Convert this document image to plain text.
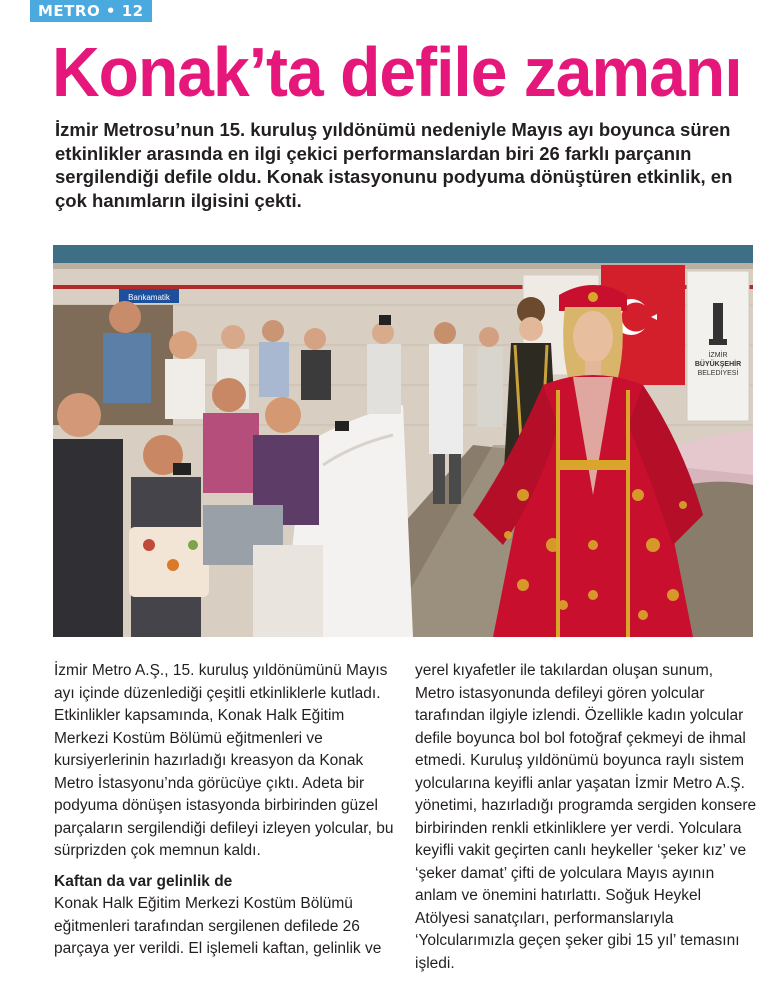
METRO • 12
Konak’ta defile zamanı

İzmir Metrosu’nun 15. kuruluş yıldönümü nedeniyle Mayıs ayı boyunca süren etkinlikler arasında en ilgi çekici performanslardan biri 26 farklı parçanın sergilendiği defile oldu. Konak istasyonunu podyuma dönüştüren etkinlik, en çok hanımların ilgisini çekti.

Bankamatik
İZMİR
BÜYÜKŞEHİR
BELEDİYESİ

İzmir Metro A.Ş., 15. kuruluş yıldönümünü Mayıs ayı içinde düzenlediği çeşitli etkinliklerle kutladı. Etkinlikler kapsamında, Konak Halk Eğitim Merkezi Kostüm Bölümü eğitmenleri ve kursiyerlerinin hazırladığı kreasyon da Konak Metro İstasyonu’nda görücüye çıktı. Adeta bir podyuma dönüşen istasyonda birbirinden güzel parçaların sergilendiği defileyi izleyen yolcular, bu sürprizden çok memnun kaldı.

Kaftan da var gelinlik de

Konak Halk Eğitim Merkezi Kostüm Bölümü eğitmenleri tarafından sergilenen defilede 26 parçaya yer verildi. El işlemeli kaftan, gelinlik ve

yerel kıyafetler ile takılardan oluşan sunum, Metro istasyonunda defileyi gören yolcular tarafından ilgiyle izlendi. Özellikle kadın yolcular defile boyunca bol bol fotoğraf çekmeyi de ihmal etmedi. Kuruluş yıldönümü boyunca raylı sistem yolcularına keyifli anlar yaşatan İzmir Metro A.Ş. yönetimi, hazırladığı programda sergiden konsere birbirinden renkli etkinliklere yer verdi. Yolculara keyifli vakit geçirten canlı heykeller ‘şeker kız’ ve ‘şeker damat’ çifti de yolculara Mayıs ayının anlam ve önemini hatırlattı. Soğuk Heykel Atölyesi sanatçıları, performanslarıyla ‘Yolcularımızla geçen şeker gibi 15 yıl’ temasını işledi.
